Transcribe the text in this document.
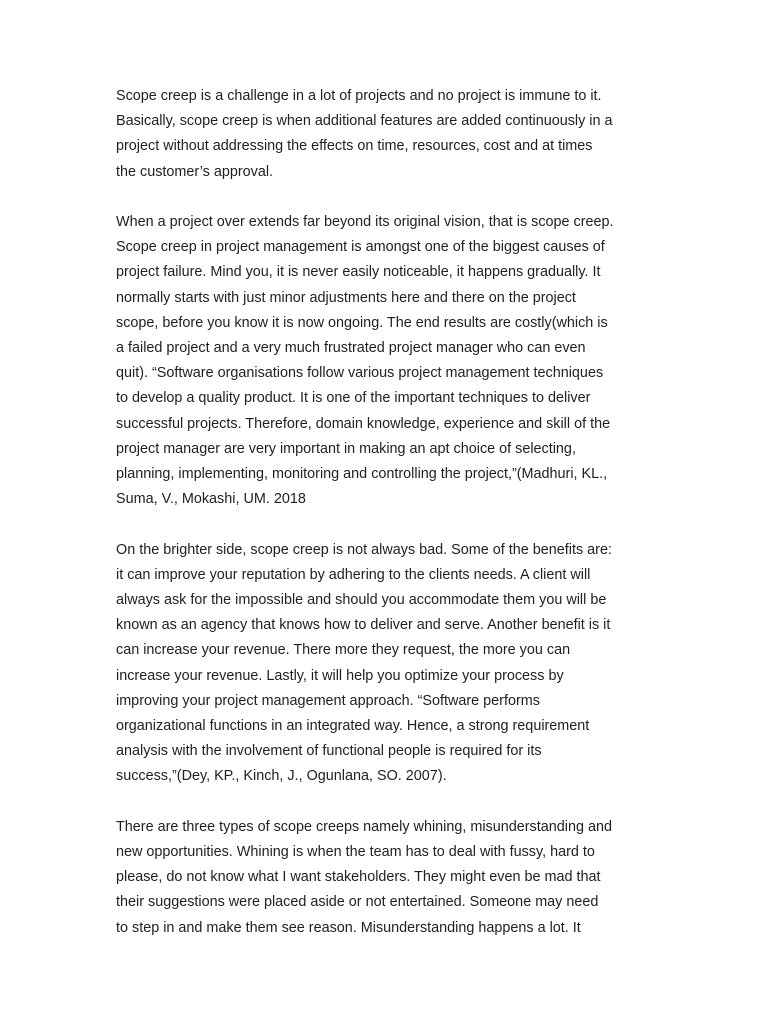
Scope creep is a challenge in a lot of projects and no project is immune to it.
Basically, scope creep is when additional features are added continuously in a
project without addressing the effects on time, resources, cost and at times
the customer’s approval.
When a project over extends far beyond its original vision, that is scope creep.
Scope creep in project management is amongst one of the biggest causes of
project failure. Mind you, it is never easily noticeable, it happens gradually. It
normally starts with just minor adjustments here and there on the project
scope, before you know it is now ongoing. The end results are costly(which is
a failed project and a very much frustrated project manager who can even
quit). “Software organisations follow various project management techniques
to develop a quality product. It is one of the important techniques to deliver
successful projects. Therefore, domain knowledge, experience and skill of the
project manager are very important in making an apt choice of selecting,
planning, implementing, monitoring and controlling the project,”(Madhuri, KL.,
Suma, V., Mokashi, UM. 2018
On the brighter side, scope creep is not always bad. Some of the benefits are:
it can improve your reputation by adhering to the clients needs. A client will
always ask for the impossible and should you accommodate them you will be
known as an agency that knows how to deliver and serve. Another benefit is it
can increase your revenue. There more they request, the more you can
increase your revenue. Lastly, it will help you optimize your process by
improving your project management approach. “Software performs
organizational functions in an integrated way. Hence, a strong requirement
analysis with the involvement of functional people is required for its
success,”(Dey, KP., Kinch, J., Ogunlana, SO. 2007).
There are three types of scope creeps namely whining, misunderstanding and
new opportunities. Whining is when the team has to deal with fussy, hard to
please, do not know what I want stakeholders. They might even be mad that
their suggestions were placed aside or not entertained. Someone may need
to step in and make them see reason. Misunderstanding happens a lot. It
